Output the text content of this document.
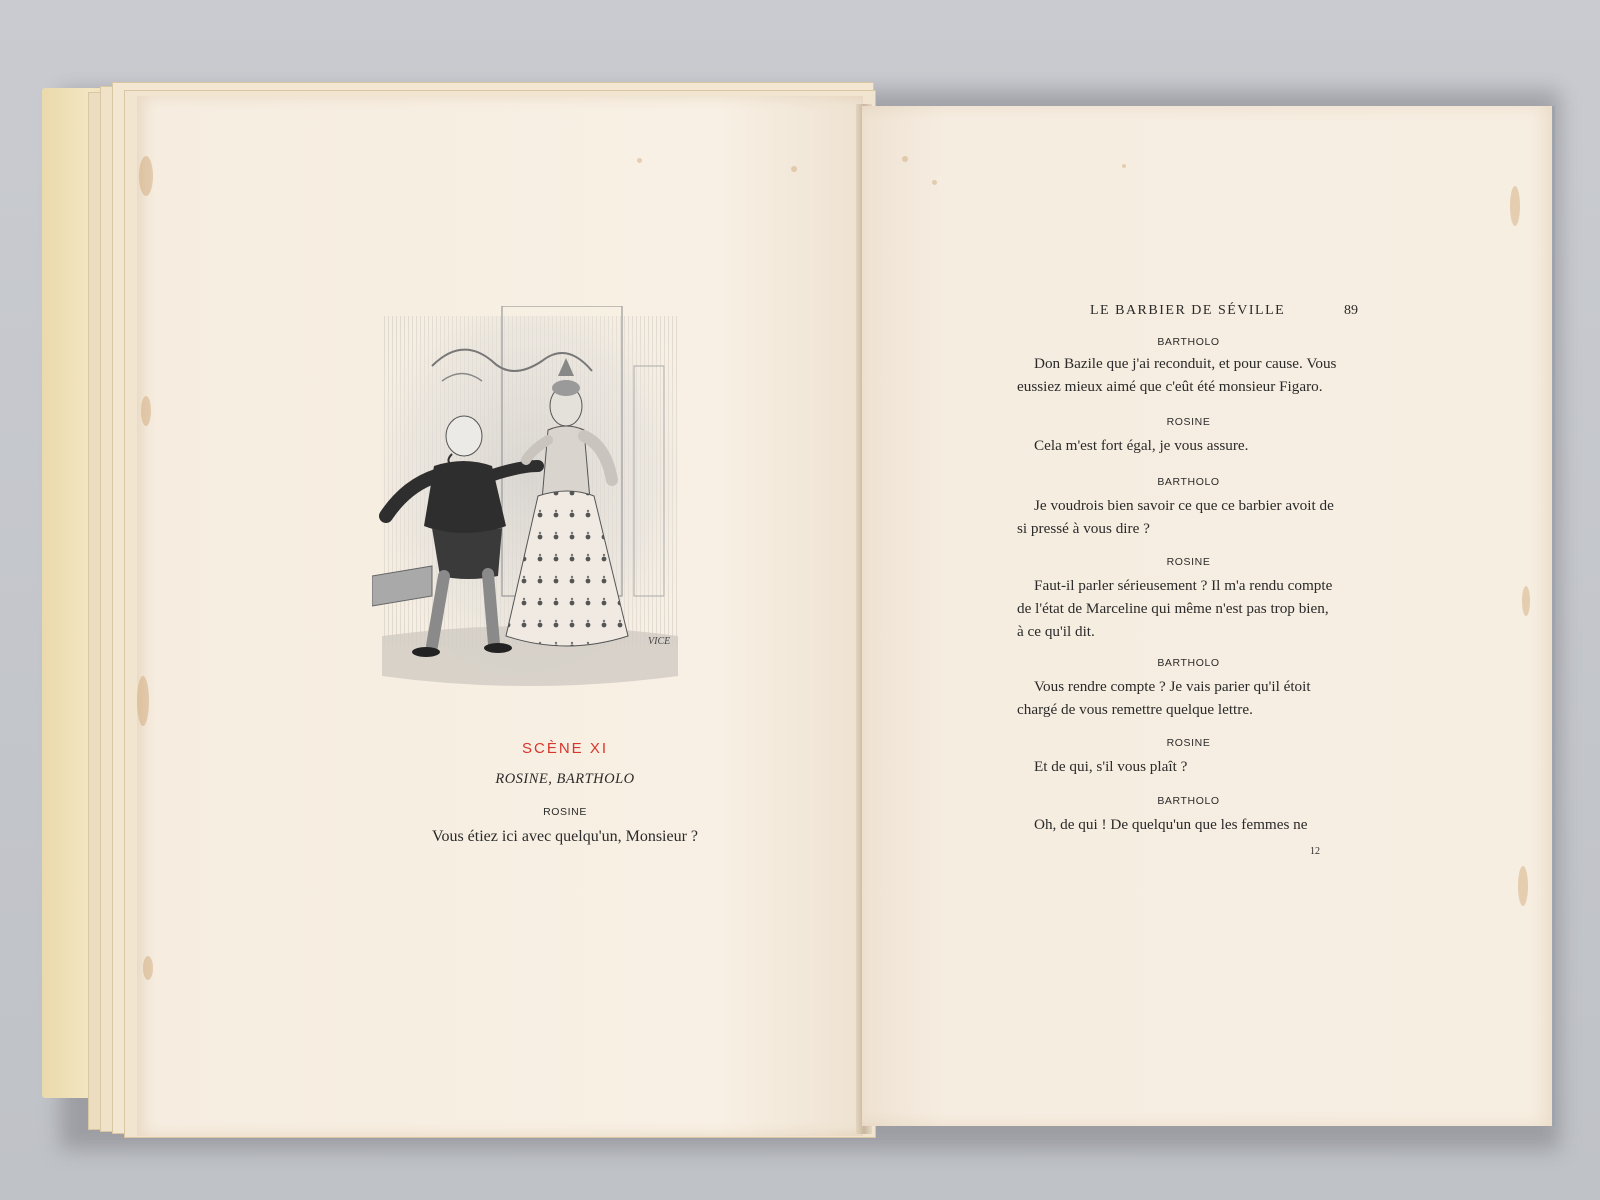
VICE
SCÈNE XI
ROSINE, BARTHOLO
ROSINE
Vous étiez ici avec quelqu'un, Monsieur ?
LE BARBIER DE SÉVILLE	89

BARTHOLO

Don Bazile que j'ai reconduit, et pour cause. Vous
eussiez mieux aimé que c'eût été monsieur Figaro.

ROSINE

Cela m'est fort égal, je vous assure.

BARTHOLO

Je voudrois bien savoir ce que ce barbier avoit de
si pressé à vous dire ?

ROSINE

Faut-il parler sérieusement ? Il m'a rendu compte
de l'état de Marceline qui même n'est pas trop bien,
à ce qu'il dit.

BARTHOLO

Vous rendre compte ? Je vais parier qu'il étoit
chargé de vous remettre quelque lettre.

ROSINE

Et de qui, s'il vous plaît ?

BARTHOLO

Oh, de qui ! De quelqu'un que les femmes ne

12
